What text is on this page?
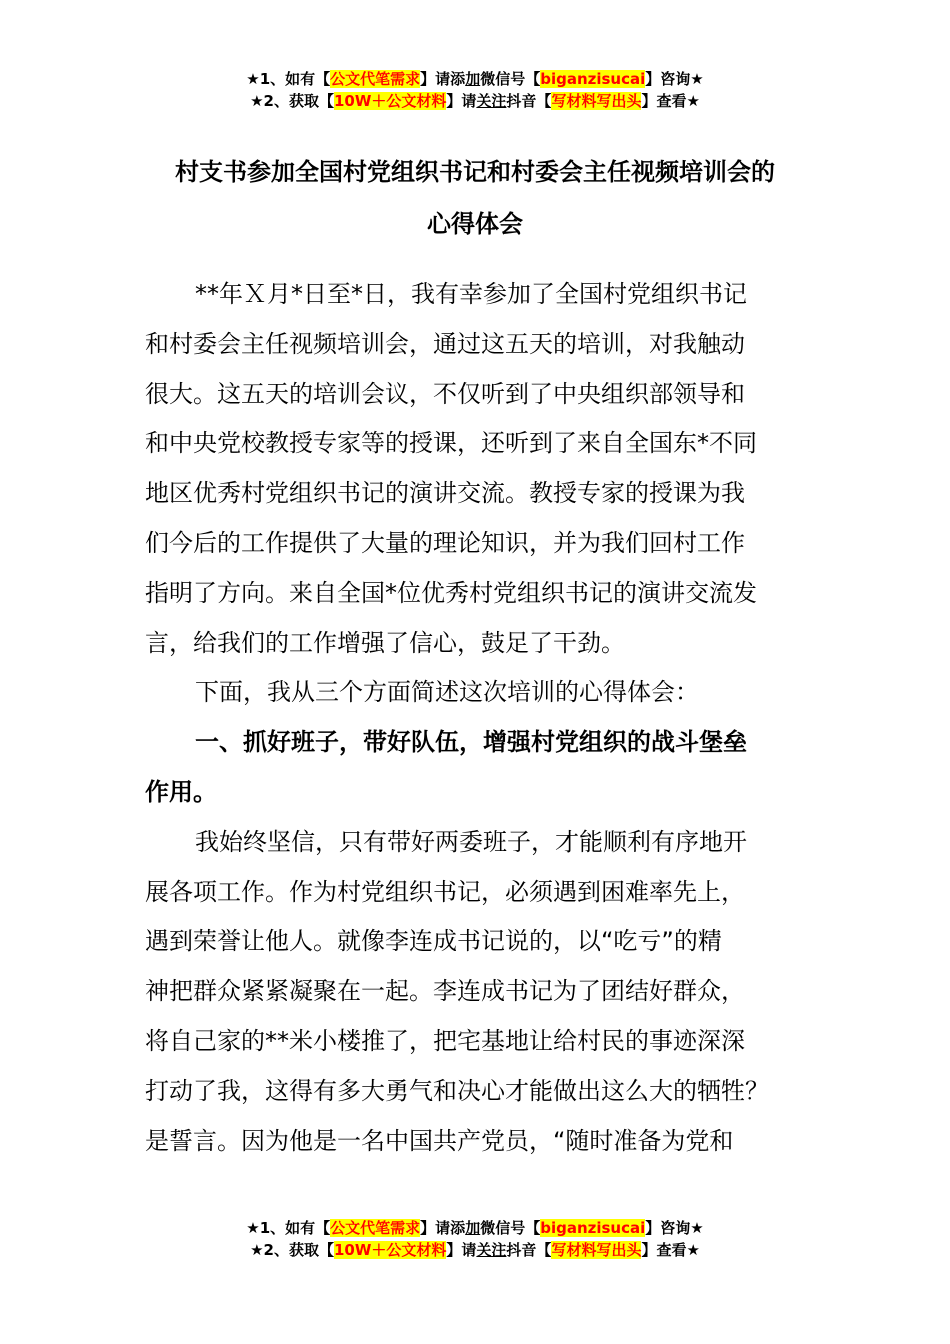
★1、如有【公文代笔需求】请添加微信号【biganzisucai】咨询★
★2、获取【10W＋公文材料】请关注抖音【写材料写出头】查看★
村支书参加全国村党组织书记和村委会主任视频培训会的
心得体会
**年Ｘ月*日至*日，我有幸参加了全国村党组织书记
和村委会主任视频培训会，通过这五天的培训，对我触动
很大。这五天的培训会议，不仅听到了中央组织部领导和
和中央党校教授专家等的授课，还听到了来自全国东*不同
地区优秀村党组织书记的演讲交流。教授专家的授课为我
们今后的工作提供了大量的理论知识，并为我们回村工作
指明了方向。来自全国*位优秀村党组织书记的演讲交流发
言，给我们的工作增强了信心，鼓足了干劲。
下面，我从三个方面简述这次培训的心得体会：
一、抓好班子，带好队伍，增强村党组织的战斗堡垒
作用。
我始终坚信，只有带好两委班子，才能顺利有序地开
展各项工作。作为村党组织书记，必须遇到困难率先上，
遇到荣誉让他人。就像李连成书记说的，以“吃亏”的精
神把群众紧紧凝聚在一起。李连成书记为了团结好群众，
将自己家的**米小楼推了，把宅基地让给村民的事迹深深
打动了我，这得有多大勇气和决心才能做出这么大的牺牲？
是誓言。因为他是一名中国共产党员，“随时准备为党和
★1、如有【公文代笔需求】请添加微信号【biganzisucai】咨询★
★2、获取【10W＋公文材料】请关注抖音【写材料写出头】查看★
